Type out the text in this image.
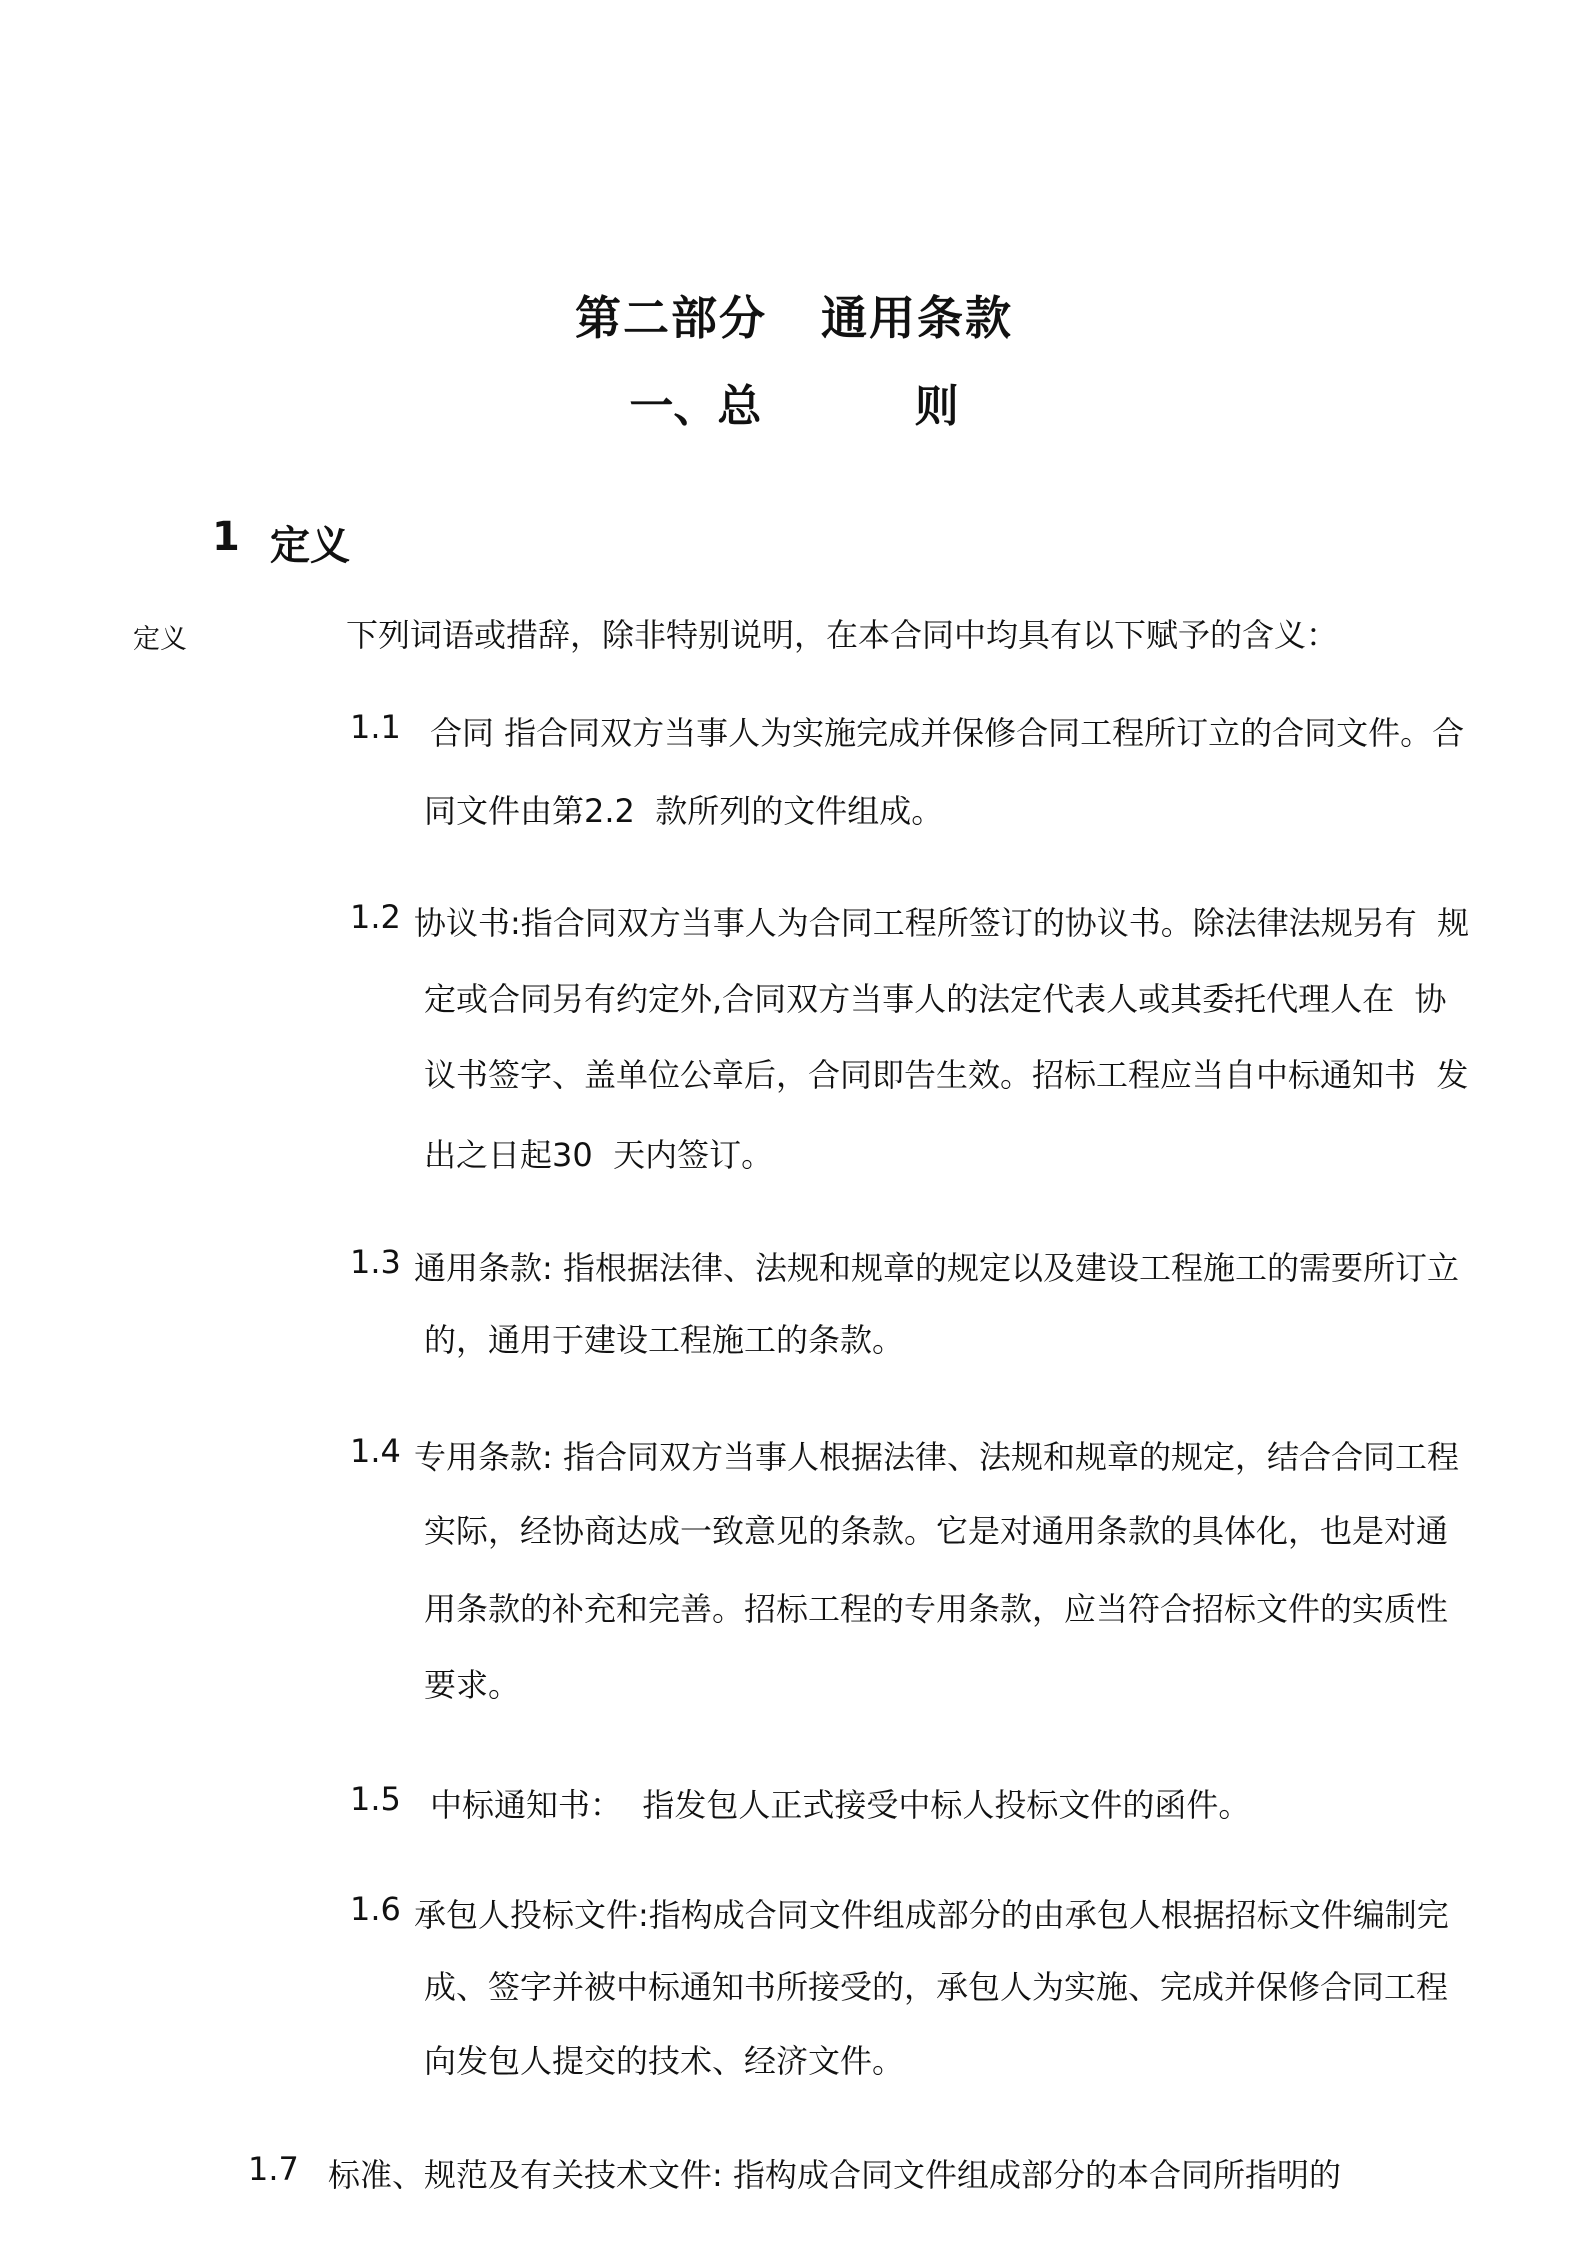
第二部分   通用条款
一、总          则
1 定义
定义	下列词语或措辞，除非特别说明，在本合同中均具有以下赋予的含义：
1.1 合同 指合同双方当事人为实施完成并保修合同工程所订立的合同文件。合
同文件由第2.2  款所列的文件组成。
1.2 协议书:指合同双方当事人为合同工程所签订的协议书。除法律法规另有  规
定或合同另有约定外,合同双方当事人的法定代表人或其委托代理人在  协
议书签字、盖单位公章后，合同即告生效。招标工程应当自中标通知书  发
出之日起30  天内签订。
1.3 通用条款: 指根据法律、法规和规章的规定以及建设工程施工的需要所订立
的，通用于建设工程施工的条款。
1.4 专用条款: 指合同双方当事人根据法律、法规和规章的规定，结合合同工程
实际，经协商达成一致意见的条款。它是对通用条款的具体化，也是对通
用条款的补充和完善。招标工程的专用条款，应当符合招标文件的实质性
要求。
1.5 中标通知书：  指发包人正式接受中标人投标文件的函件。
1.6 承包人投标文件:指构成合同文件组成部分的由承包人根据招标文件编制完
成、签字并被中标通知书所接受的，承包人为实施、完成并保修合同工程
向发包人提交的技术、经济文件。
1.7 标准、规范及有关技术文件: 指构成合同文件组成部分的本合同所指明的
